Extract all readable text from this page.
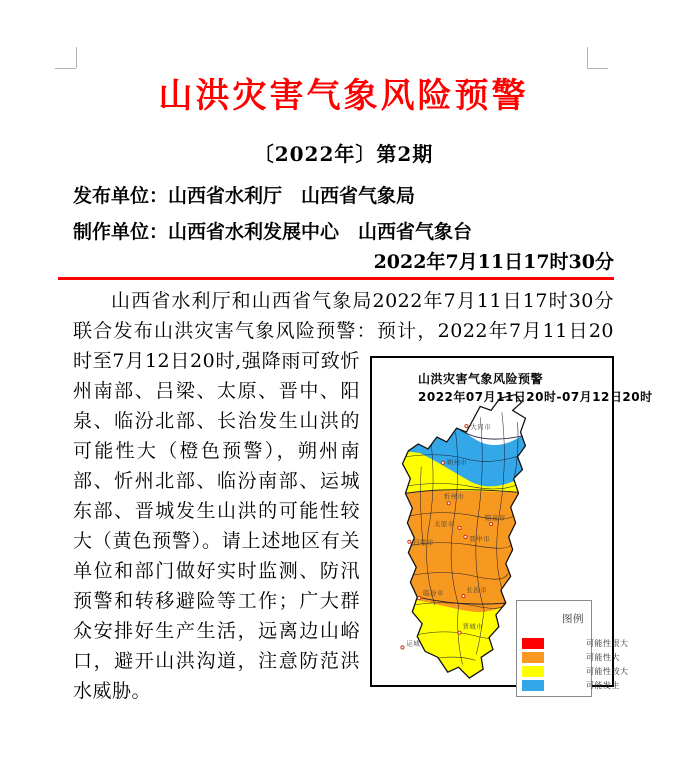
山洪灾害气象风险预警
〔2022年〕第2期
发布单位：山西省水利厅　山西省气象局
制作单位：山西省水利发展中心　山西省气象台
2022年7月11日17时30分
山洪灾害气象风险预警
2022年07月11日20时-07月12日20时
大同市
朔州市
忻州市
太原市
阳泉市
吕梁市	晋中市
临汾市	长治市
晋城市
运城
图例
可能性很大
可能性大
可能性较大
可能发生
山西省水利厅和山西省气象局2022年7月11日17时30分联合发布山洪灾害气象风险预警：预计，2022年7月11日20时至7月12日20时,强降雨可致忻州南部、吕梁、太原、晋中、阳泉、临汾北部、长治发生山洪的可能性大（橙色预警），朔州南部、忻州北部、临汾南部、运城东部、晋城发生山洪的可能性较大（黄色预警）。请上述地区有关单位和部门做好实时监测、防汛预警和转移避险等工作；广大群众安排好生产生活，远离边山峪口，避开山洪沟道，注意防范洪水威胁。
